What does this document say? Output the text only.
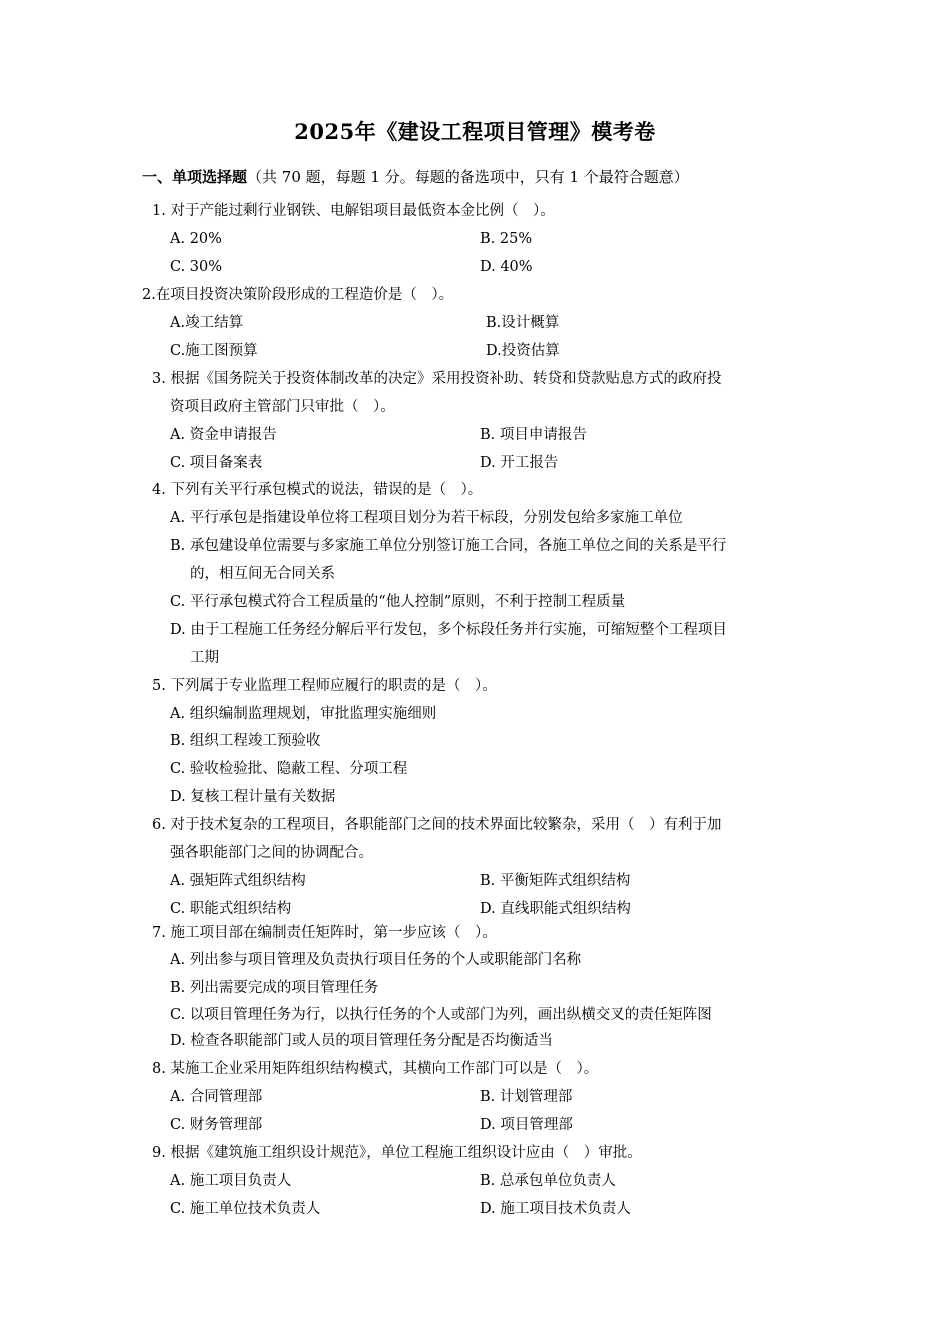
2025年《建设工程项目管理》模考卷
一、单项选择题（共 70 题，每题 1 分。每题的备选项中，只有 1 个最符合题意）
1. 对于产能过剩行业钢铁、电解铝项目最低资本金比例（　）。
A. 20%	B. 25%
C. 30%	D. 40%
2.在项目投资决策阶段形成的工程造价是（　）。
A.竣工结算	B.设计概算
C.施工图预算	D.投资估算
3. 根据《国务院关于投资体制改革的决定》采用投资补助、转贷和贷款贴息方式的政府投
资项目政府主管部门只审批（　）。
A. 资金申请报告	B. 项目申请报告
C. 项目备案表	D. 开工报告
4. 下列有关平行承包模式的说法，错误的是（　）。
A. 平行承包是指建设单位将工程项目划分为若干标段，分别发包给多家施工单位
B. 承包建设单位需要与多家施工单位分别签订施工合同，各施工单位之间的关系是平行
的，相互间无合同关系
C. 平行承包模式符合工程质量的“他人控制”原则，不利于控制工程质量
D. 由于工程施工任务经分解后平行发包，多个标段任务并行实施，可缩短整个工程项目
工期
5. 下列属于专业监理工程师应履行的职责的是（　）。
A. 组织编制监理规划，审批监理实施细则
B. 组织工程竣工预验收
C. 验收检验批、隐蔽工程、分项工程
D. 复核工程计量有关数据
6. 对于技术复杂的工程项目，各职能部门之间的技术界面比较繁杂，采用（　）有利于加
强各职能部门之间的协调配合。
A. 强矩阵式组织结构	B. 平衡矩阵式组织结构
C. 职能式组织结构	D. 直线职能式组织结构
7. 施工项目部在编制责任矩阵时，第一步应该（　）。
A. 列出参与项目管理及负责执行项目任务的个人或职能部门名称
B. 列出需要完成的项目管理任务
C. 以项目管理任务为行，以执行任务的个人或部门为列，画出纵横交叉的责任矩阵图
D. 检查各职能部门或人员的项目管理任务分配是否均衡适当
8. 某施工企业采用矩阵组织结构模式，其横向工作部门可以是（　）。
A. 合同管理部	B. 计划管理部
C. 财务管理部	D. 项目管理部
9. 根据《建筑施工组织设计规范》，单位工程施工组织设计应由（　）审批。
A. 施工项目负责人	B. 总承包单位负责人
C. 施工单位技术负责人	D. 施工项目技术负责人
